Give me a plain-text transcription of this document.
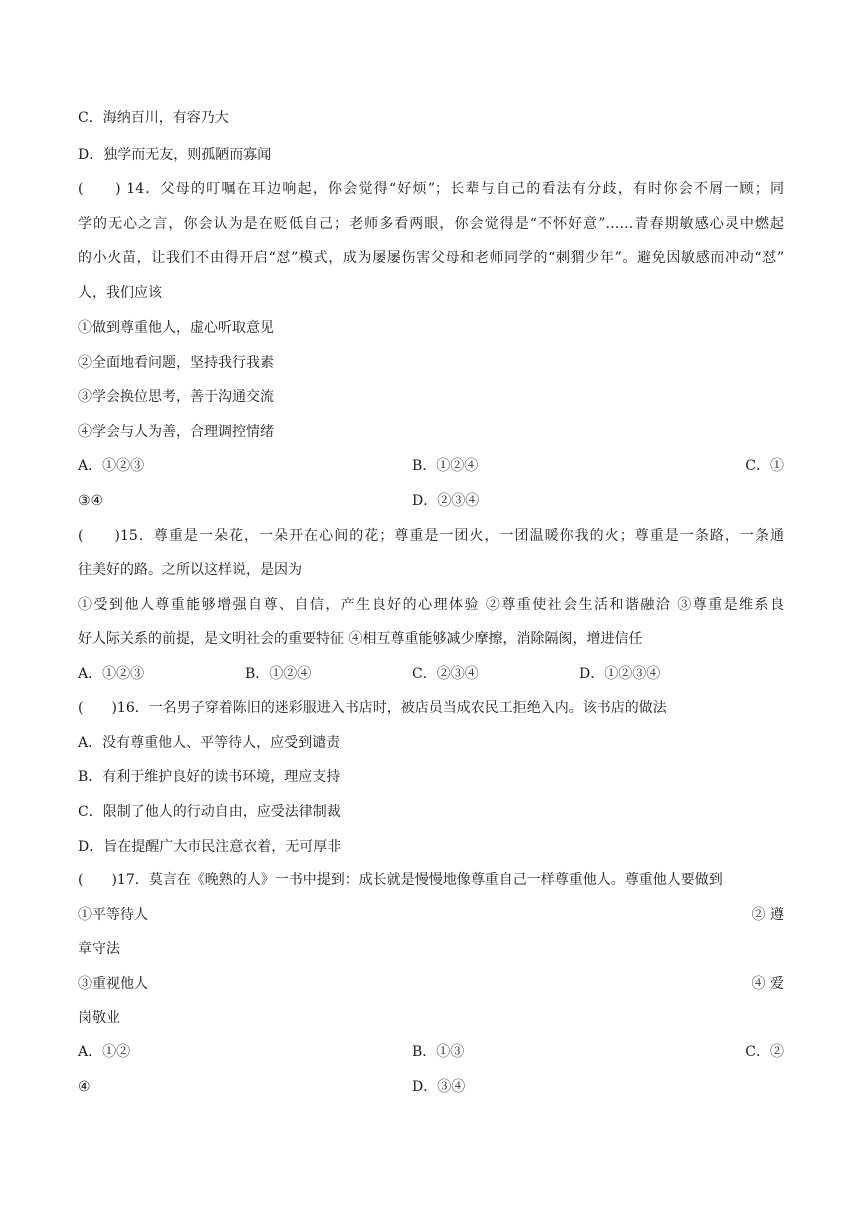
C．海纳百川，有容乃大
D．独学而无友，则孤陋而寡闻
(　　) 14．父母的叮嘱在耳边响起，你会觉得“好烦”；长辈与自己的看法有分歧，有时你会不屑一顾；同
学的无心之言，你会认为是在贬低自己；老师多看两眼，你会觉得是“不怀好意”……青春期敏感心灵中燃起
的小火苗，让我们不由得开启“怼”模式，成为屡屡伤害父母和老师同学的“刺猬少年”。避免因敏感而冲动“怼”
人，我们应该
①做到尊重他人，虚心听取意见
②全面地看问题，坚持我行我素
③学会换位思考，善于沟通交流
④学会与人为善，合理调控情绪
A．①②③	B．①②④	C．①
③④	D．②③④
(　　)15．尊重是一朵花，一朵开在心间的花；尊重是一团火，一团温暖你我的火；尊重是一条路，一条通
往美好的路。之所以这样说，是因为
①受到他人尊重能够增强自尊、自信，产生良好的心理体验 ②尊重使社会生活和谐融洽 ③尊重是维系良
好人际关系的前提，是文明社会的重要特征 ④相互尊重能够减少摩擦，消除隔阂，增进信任
A．①②③	B．①②④	C．②③④	D．①②③④
(　　)16．一名男子穿着陈旧的迷彩服进入书店时，被店员当成农民工拒绝入内。该书店的做法
A．没有尊重他人、平等待人，应受到谴责
B．有利于维护良好的读书环境，理应支持
C．限制了他人的行动自由，应受法律制裁
D．旨在提醒广大市民注意衣着，无可厚非
(　　)17．莫言在《晚熟的人》一书中提到：成长就是慢慢地像尊重自己一样尊重他人。尊重他人要做到
①平等待人	② 遵
章守法
③重视他人	④ 爱
岗敬业
A．①②	B．①③	C．②
④	D．③④
